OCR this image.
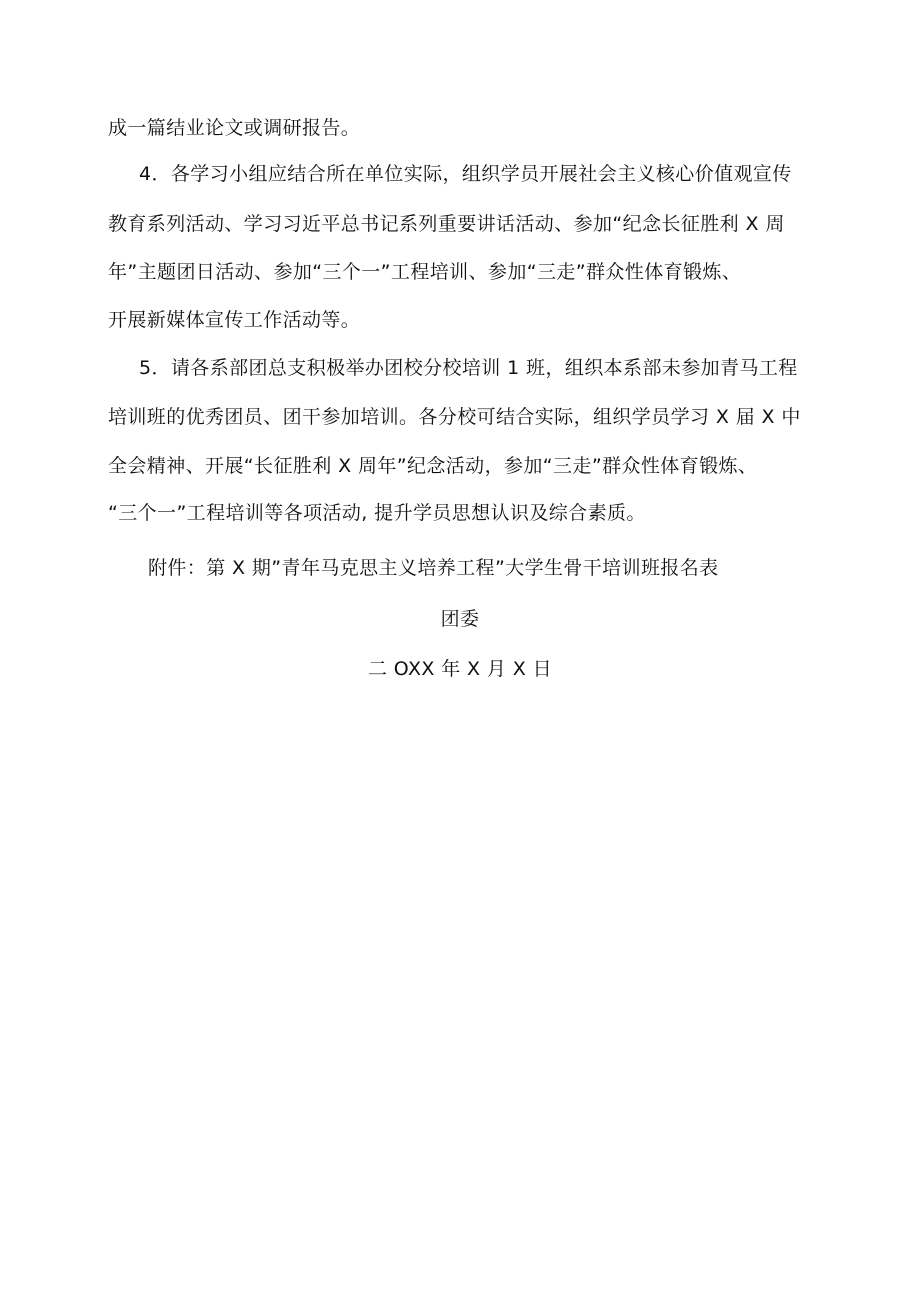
成一篇结业论文或调研报告。
4．各学习小组应结合所在单位实际，组织学员开展社会主义核心价值观宣传
教育系列活动、学习习近平总书记系列重要讲话活动、参加“纪念长征胜利 X 周
年”主题团日活动、参加“三个一”工程培训、参加“三走”群众性体育锻炼、
开展新媒体宣传工作活动等。
5．请各系部团总支积极举办团校分校培训 1 班，组织本系部未参加青马工程
培训班的优秀团员、团干参加培训。各分校可结合实际，组织学员学习 X 届 X 中
全会精神、开展“长征胜利 X 周年”纪念活动，参加“三走”群众性体育锻炼、
“三个一”工程培训等各项活动, 提升学员思想认识及综合素质。
附件：第 X 期”青年马克思主义培养工程”大学生骨干培训班报名表
团委
二 OXX 年 X 月 X 日
